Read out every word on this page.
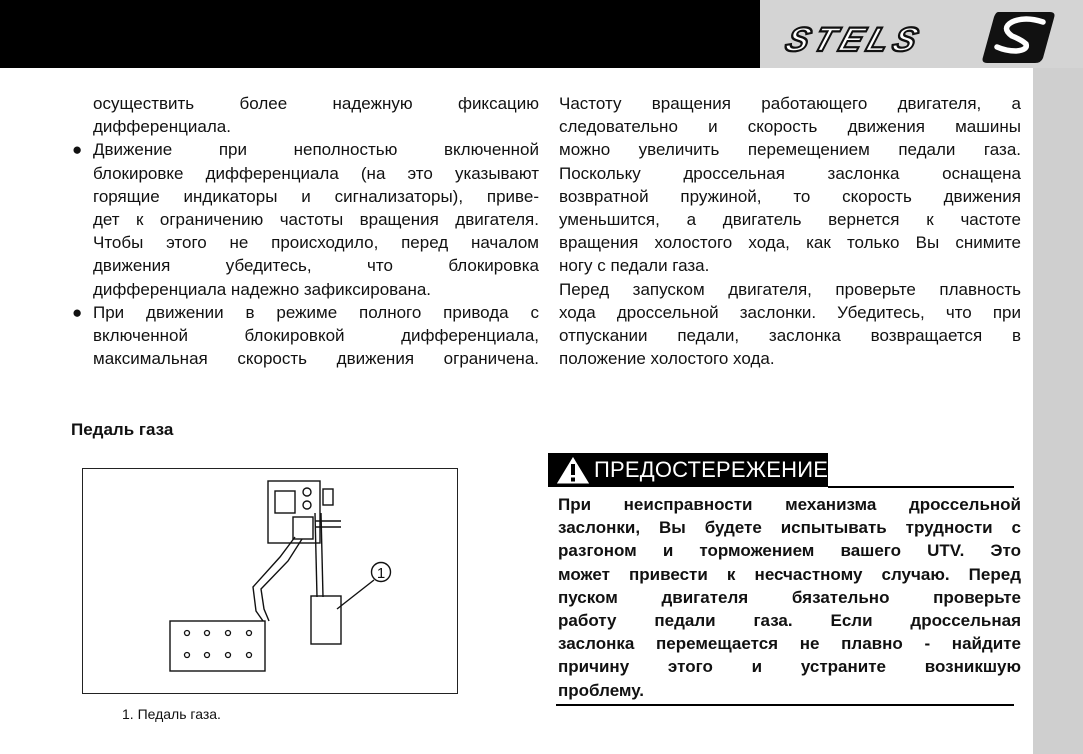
STELS
осуществить более надежную фиксацию
дифференциала.
● Движение при неполностью включенной
блокировке дифференциала (на это указывают
горящие индикаторы и сигнализаторы), приве-
дет к ограничению частоты вращения двигателя.
Чтобы этого не происходило, перед началом
движения убедитесь, что блокировка
дифференциала надежно зафиксирована.
● При движении в режиме полного привода с
включенной блокировкой дифференциала,
максимальная скорость движения ограничена.
Частоту вращения работающего двигателя, а
следовательно и скорость движения машины
можно увеличить перемещением педали газа.
Поскольку дроссельная заслонка оснащена
возвратной пружиной, то скорость движения
уменьшится, а двигатель вернется к частоте
вращения холостого хода, как только Вы снимите
ногу с педали газа.
Перед запуском двигателя, проверьте плавность
хода дроссельной заслонки. Убедитесь, что при
отпускании педали, заслонка возвращается в
положение холостого хода.
Педаль газа
1
1. Педаль газа.
ПРЕДОСТЕРЕЖЕНИЕ:
При неисправности механизма дроссельной
заслонки, Вы будете испытывать трудности с
разгоном и торможением вашего UTV. Это
может привести к несчастному случаю. Перед
пуском двигателя бязательно проверьте
работу педали газа. Если дроссельная
заслонка перемещается не плавно - найдите
причину этого и устраните возникшую
проблему.
